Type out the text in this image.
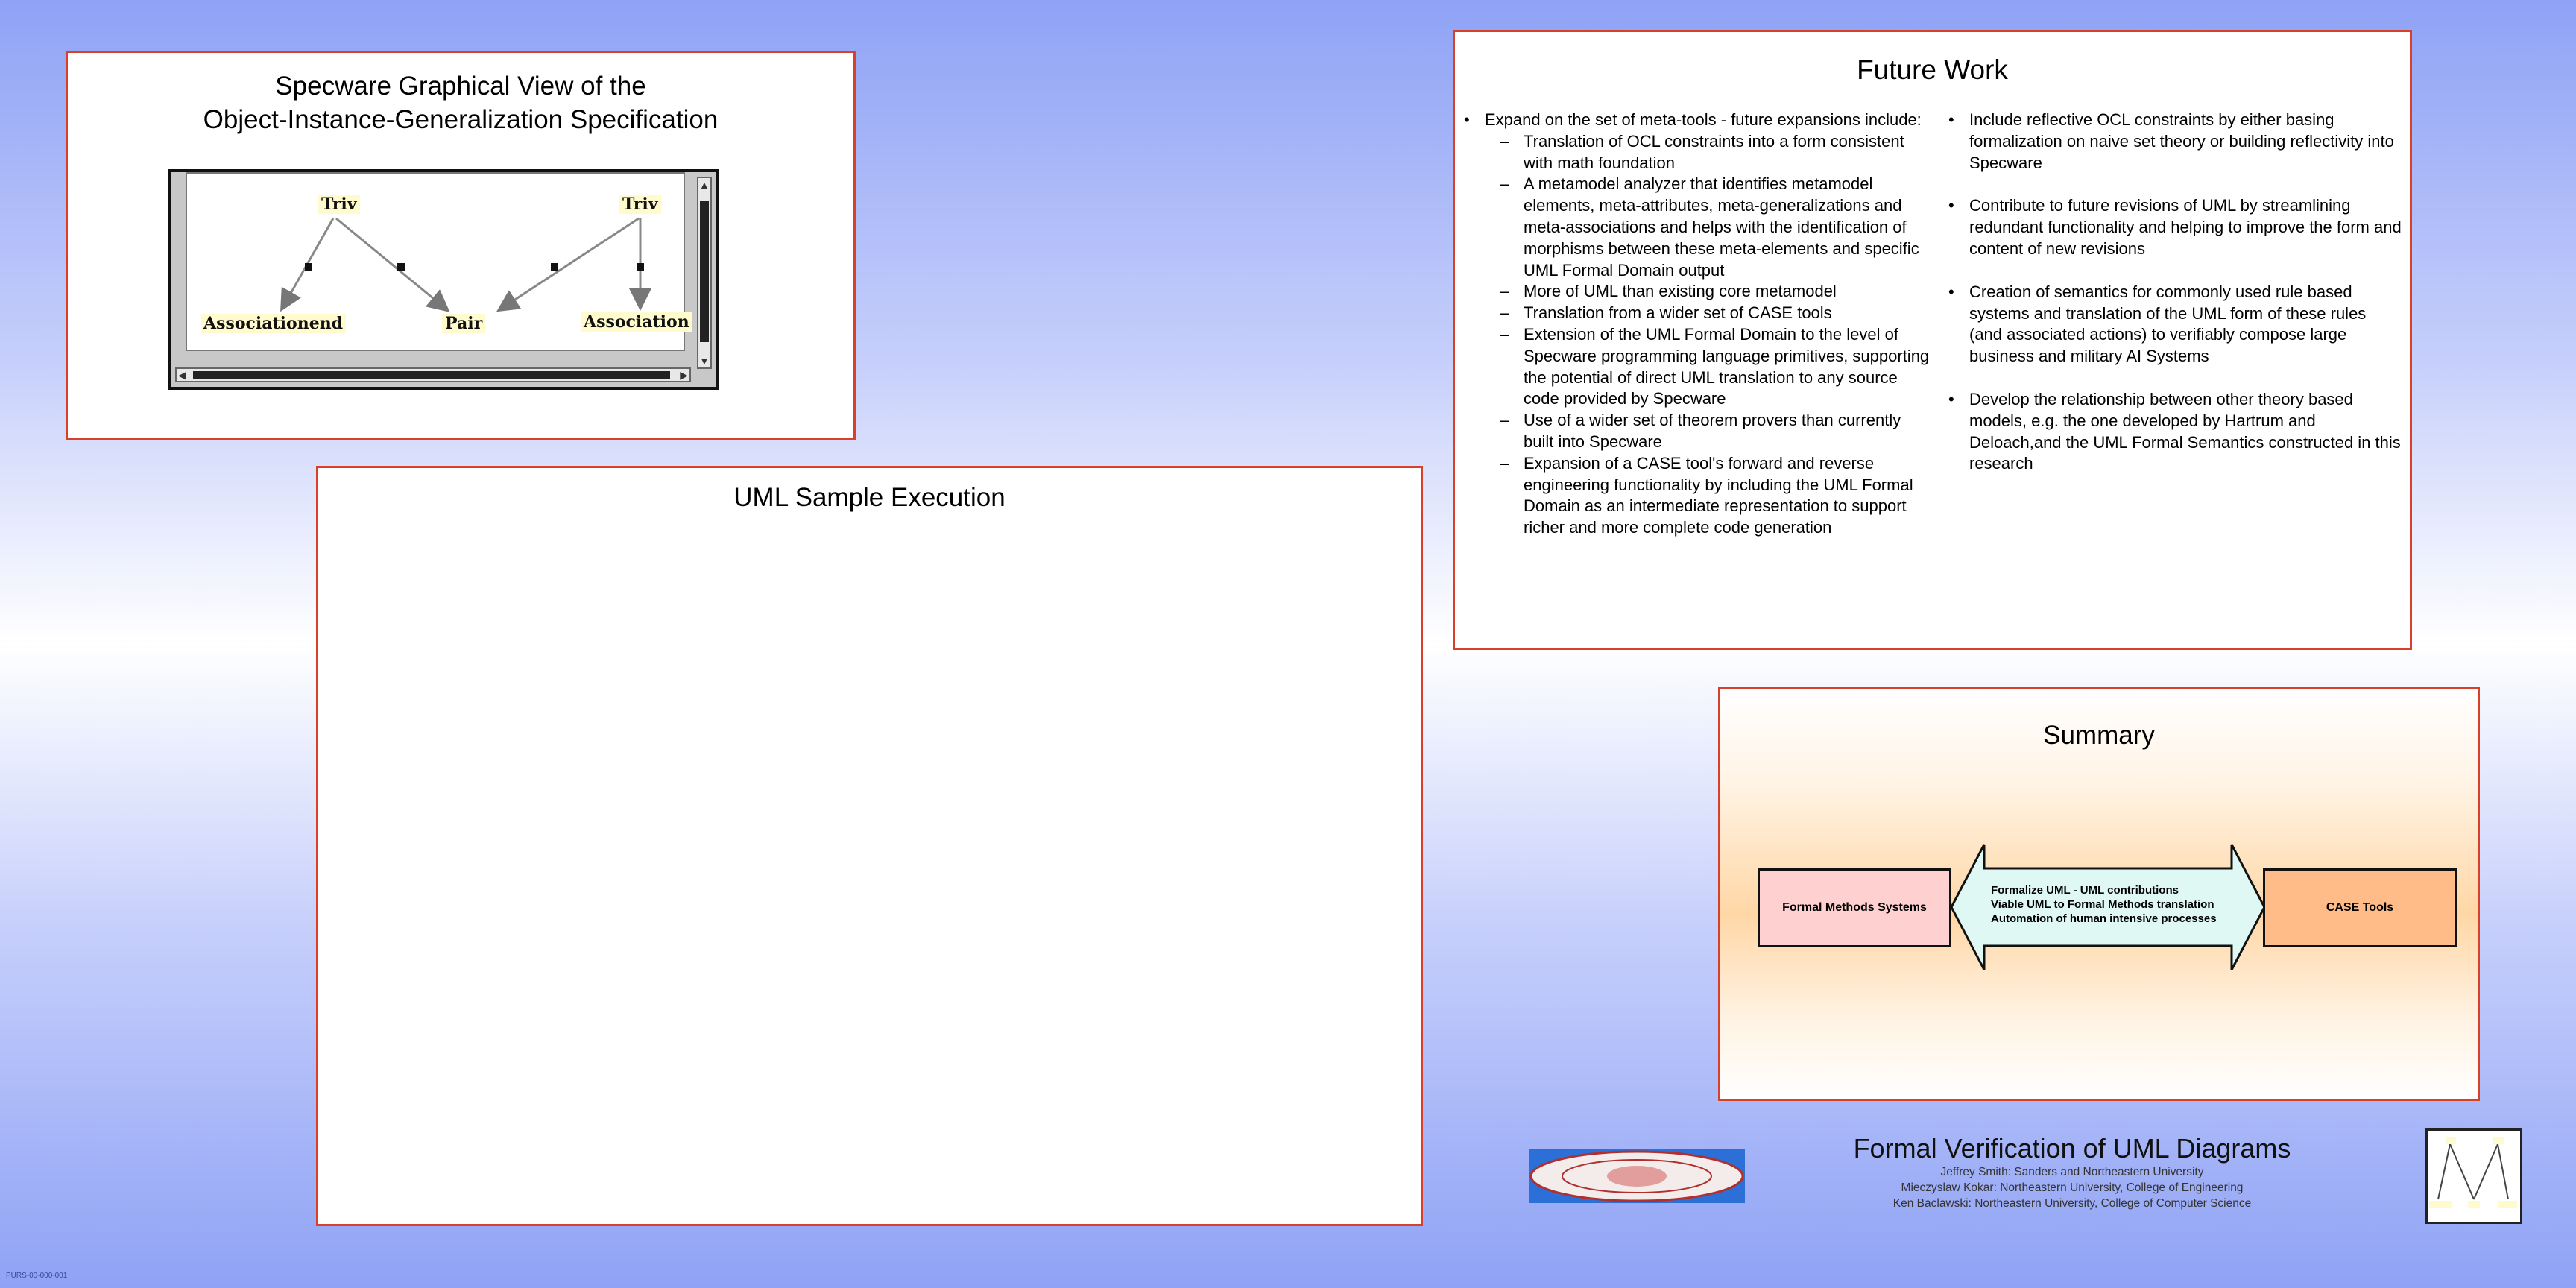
Specware Graphical View of the
Object-Instance-Generalization Specification
Triv	Triv
Associationend	Pair	Association
▲
▼
◀	▶
UML Sample Execution
Future Work
• Expand on the set of meta-tools - future expansions include:
– Translation of OCL constraints into a form consistent with math foundation
– A metamodel analyzer that identifies metamodel elements, meta-attributes, meta-generalizations and meta-associations and helps with the identification of morphisms between these meta-elements and specific UML Formal Domain output
– More of UML than existing core metamodel
– Translation from a wider set of CASE tools
– Extension of the UML Formal Domain to the level of Specware programming language primitives, supporting the potential of direct UML translation to any source code provided by Specware
– Use of a wider set of theorem provers than currently built into Specware
– Expansion of a CASE tool's forward and reverse engineering functionality by including the UML Formal Domain as an intermediate representation to support richer and more complete code generation
• Include reflective OCL constraints by either basing formalization on naive set theory or building reflectivity into Specware
• Contribute to future revisions of UML by streamlining redundant functionality and helping to improve the form and content of new revisions
• Creation of semantics for commonly used rule based systems and translation of the UML form of these rules (and associated actions) to verifiably compose large business and military AI Systems
• Develop the relationship between other theory based models, e.g. the one developed by Hartrum and Deloach,and the UML Formal Semantics constructed in this research
Summary
Formal Methods Systems
Formalize UML - UML contributions
Viable UML to Formal Methods translation
Automation of human intensive processes
CASE Tools
Formal Verification of UML Diagrams
Jeffrey Smith: Sanders and Northeastern University
Mieczyslaw Kokar: Northeastern University, College of Engineering
Ken Baclawski: Northeastern University, College of Computer Science
PURS-00-000-001
